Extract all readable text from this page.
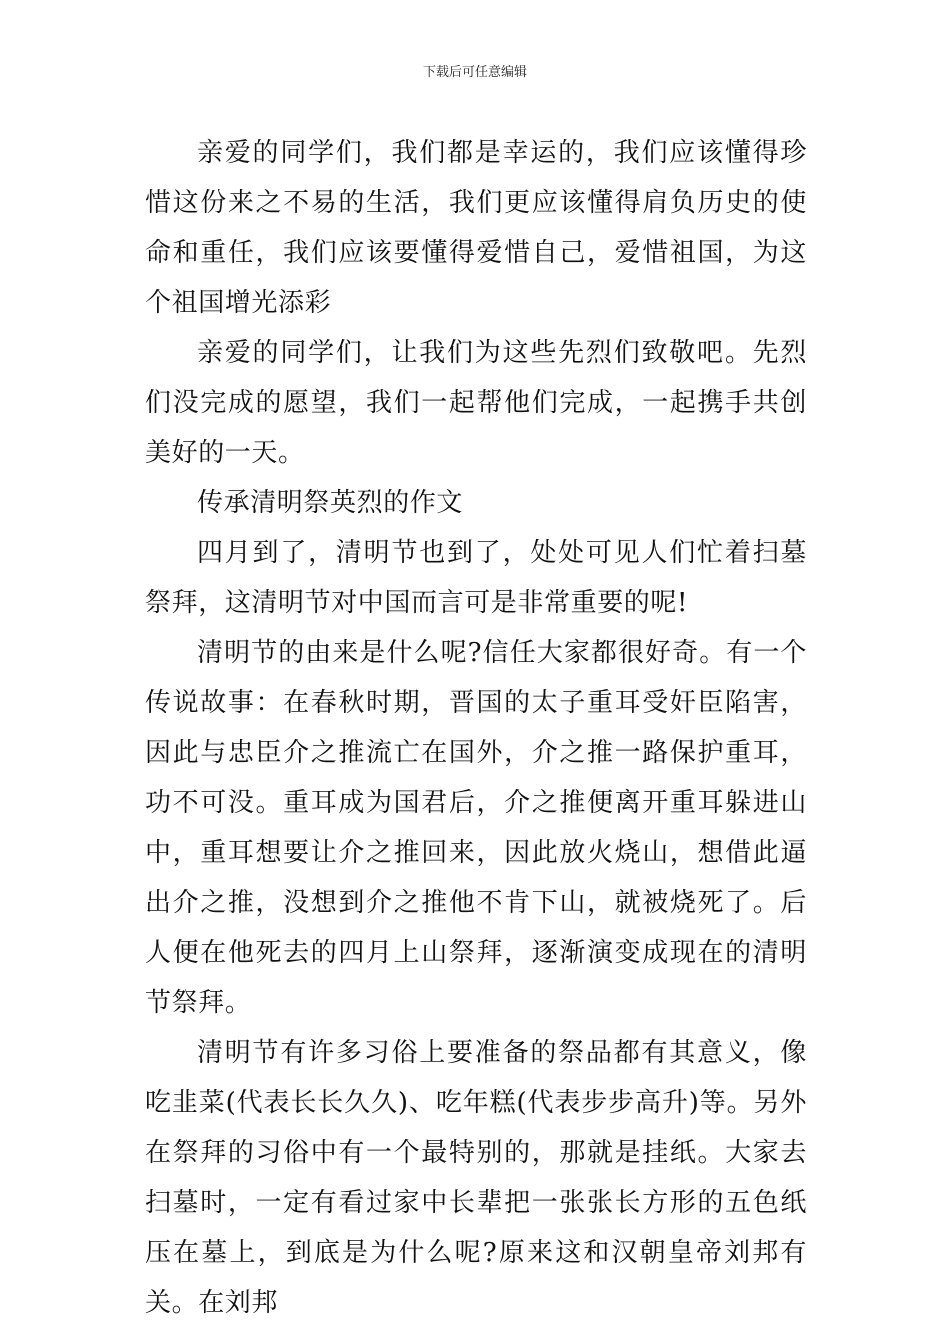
下载后可任意编辑

亲爱的同学们，我们都是幸运的，我们应该懂得珍惜这份来之不易的生活，我们更应该懂得肩负历史的使命和重任，我们应该要懂得爱惜自己，爱惜祖国，为这个祖国增光添彩

亲爱的同学们，让我们为这些先烈们致敬吧。先烈们没完成的愿望，我们一起帮他们完成，一起携手共创美好的一天。

传承清明祭英烈的作文

四月到了，清明节也到了，处处可见人们忙着扫墓祭拜，这清明节对中国而言可是非常重要的呢!

清明节的由来是什么呢?信任大家都很好奇。有一个传说故事：在春秋时期，晋国的太子重耳受奸臣陷害，因此与忠臣介之推流亡在国外，介之推一路保护重耳，功不可没。重耳成为国君后，介之推便离开重耳躲进山中，重耳想要让介之推回来，因此放火烧山，想借此逼出介之推，没想到介之推他不肯下山，就被烧死了。后人便在他死去的四月上山祭拜，逐渐演变成现在的清明节祭拜。

清明节有许多习俗上要准备的祭品都有其意义，像吃韭菜(代表长长久久)、吃年糕(代表步步高升)等。另外在祭拜的习俗中有一个最特别的，那就是挂纸。大家去扫墓时，一定有看过家中长辈把一张张长方形的五色纸压在墓上，到底是为什么呢?原来这和汉朝皇帝刘邦有关。在刘邦
